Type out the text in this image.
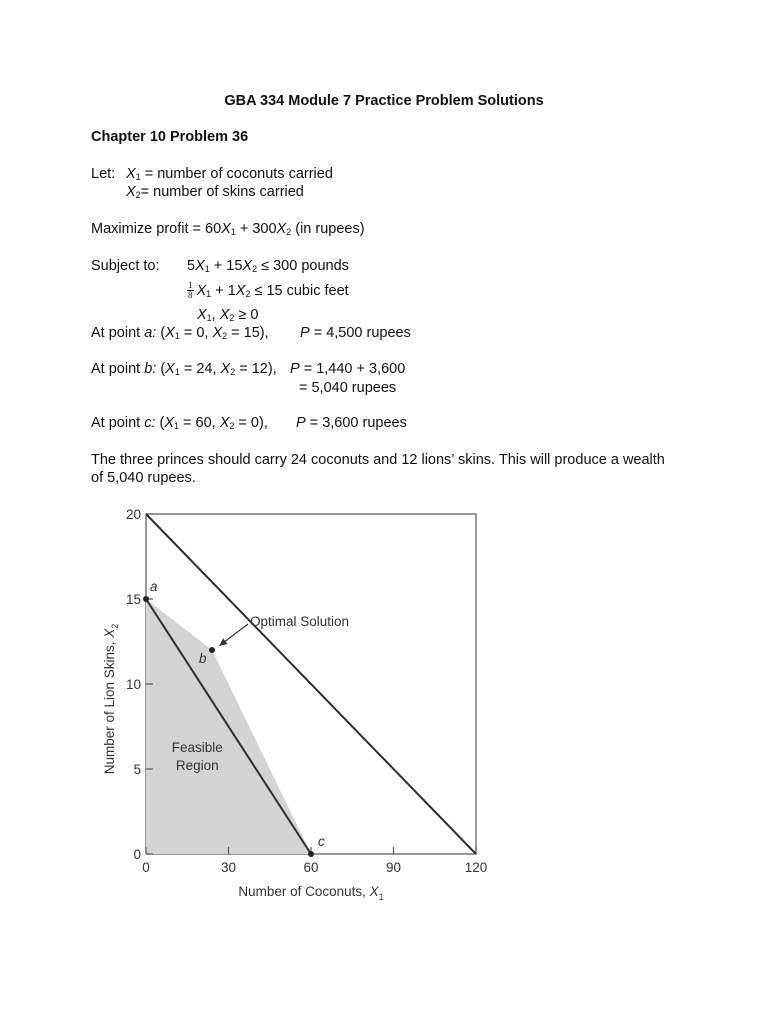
GBA 334 Module 7 Practice Problem Solutions
Chapter 10 Problem 36
Let: $X_1$ = number of coconuts carried
$X_2=$ number of skins carried
Maximize profit = $60X_1 + 300X_2$ (in rupees)
Subject to: $5X_1 + 15X_2 \le 300$ pounds
$\frac{1}{8} X_1 + 1X_2 \le 15$ cubic feet
$X_1$, $X_2 \ge 0$
At point a: ($X_1 = 0$, $X_2 = 15$), P = 4,500 rupees
At point b: ($X_1 = 24$, $X_2 = 12$), P = 1,440 + 3,600
= 5,040 rupees
At point c: ($X_1 = 60$, $X_2 = 0$), P = 3,600 rupees
The three princes should carry 24 coconuts and 12 lions’ skins. This will produce a wealth of 5,040 rupees.
0	30	60	90	120
0
5
10
15
20
a
b
c
Feasible
Region
Optimal Solution
Number of Coconuts, $X_1$
Number of Lion Skins, $X_2$
